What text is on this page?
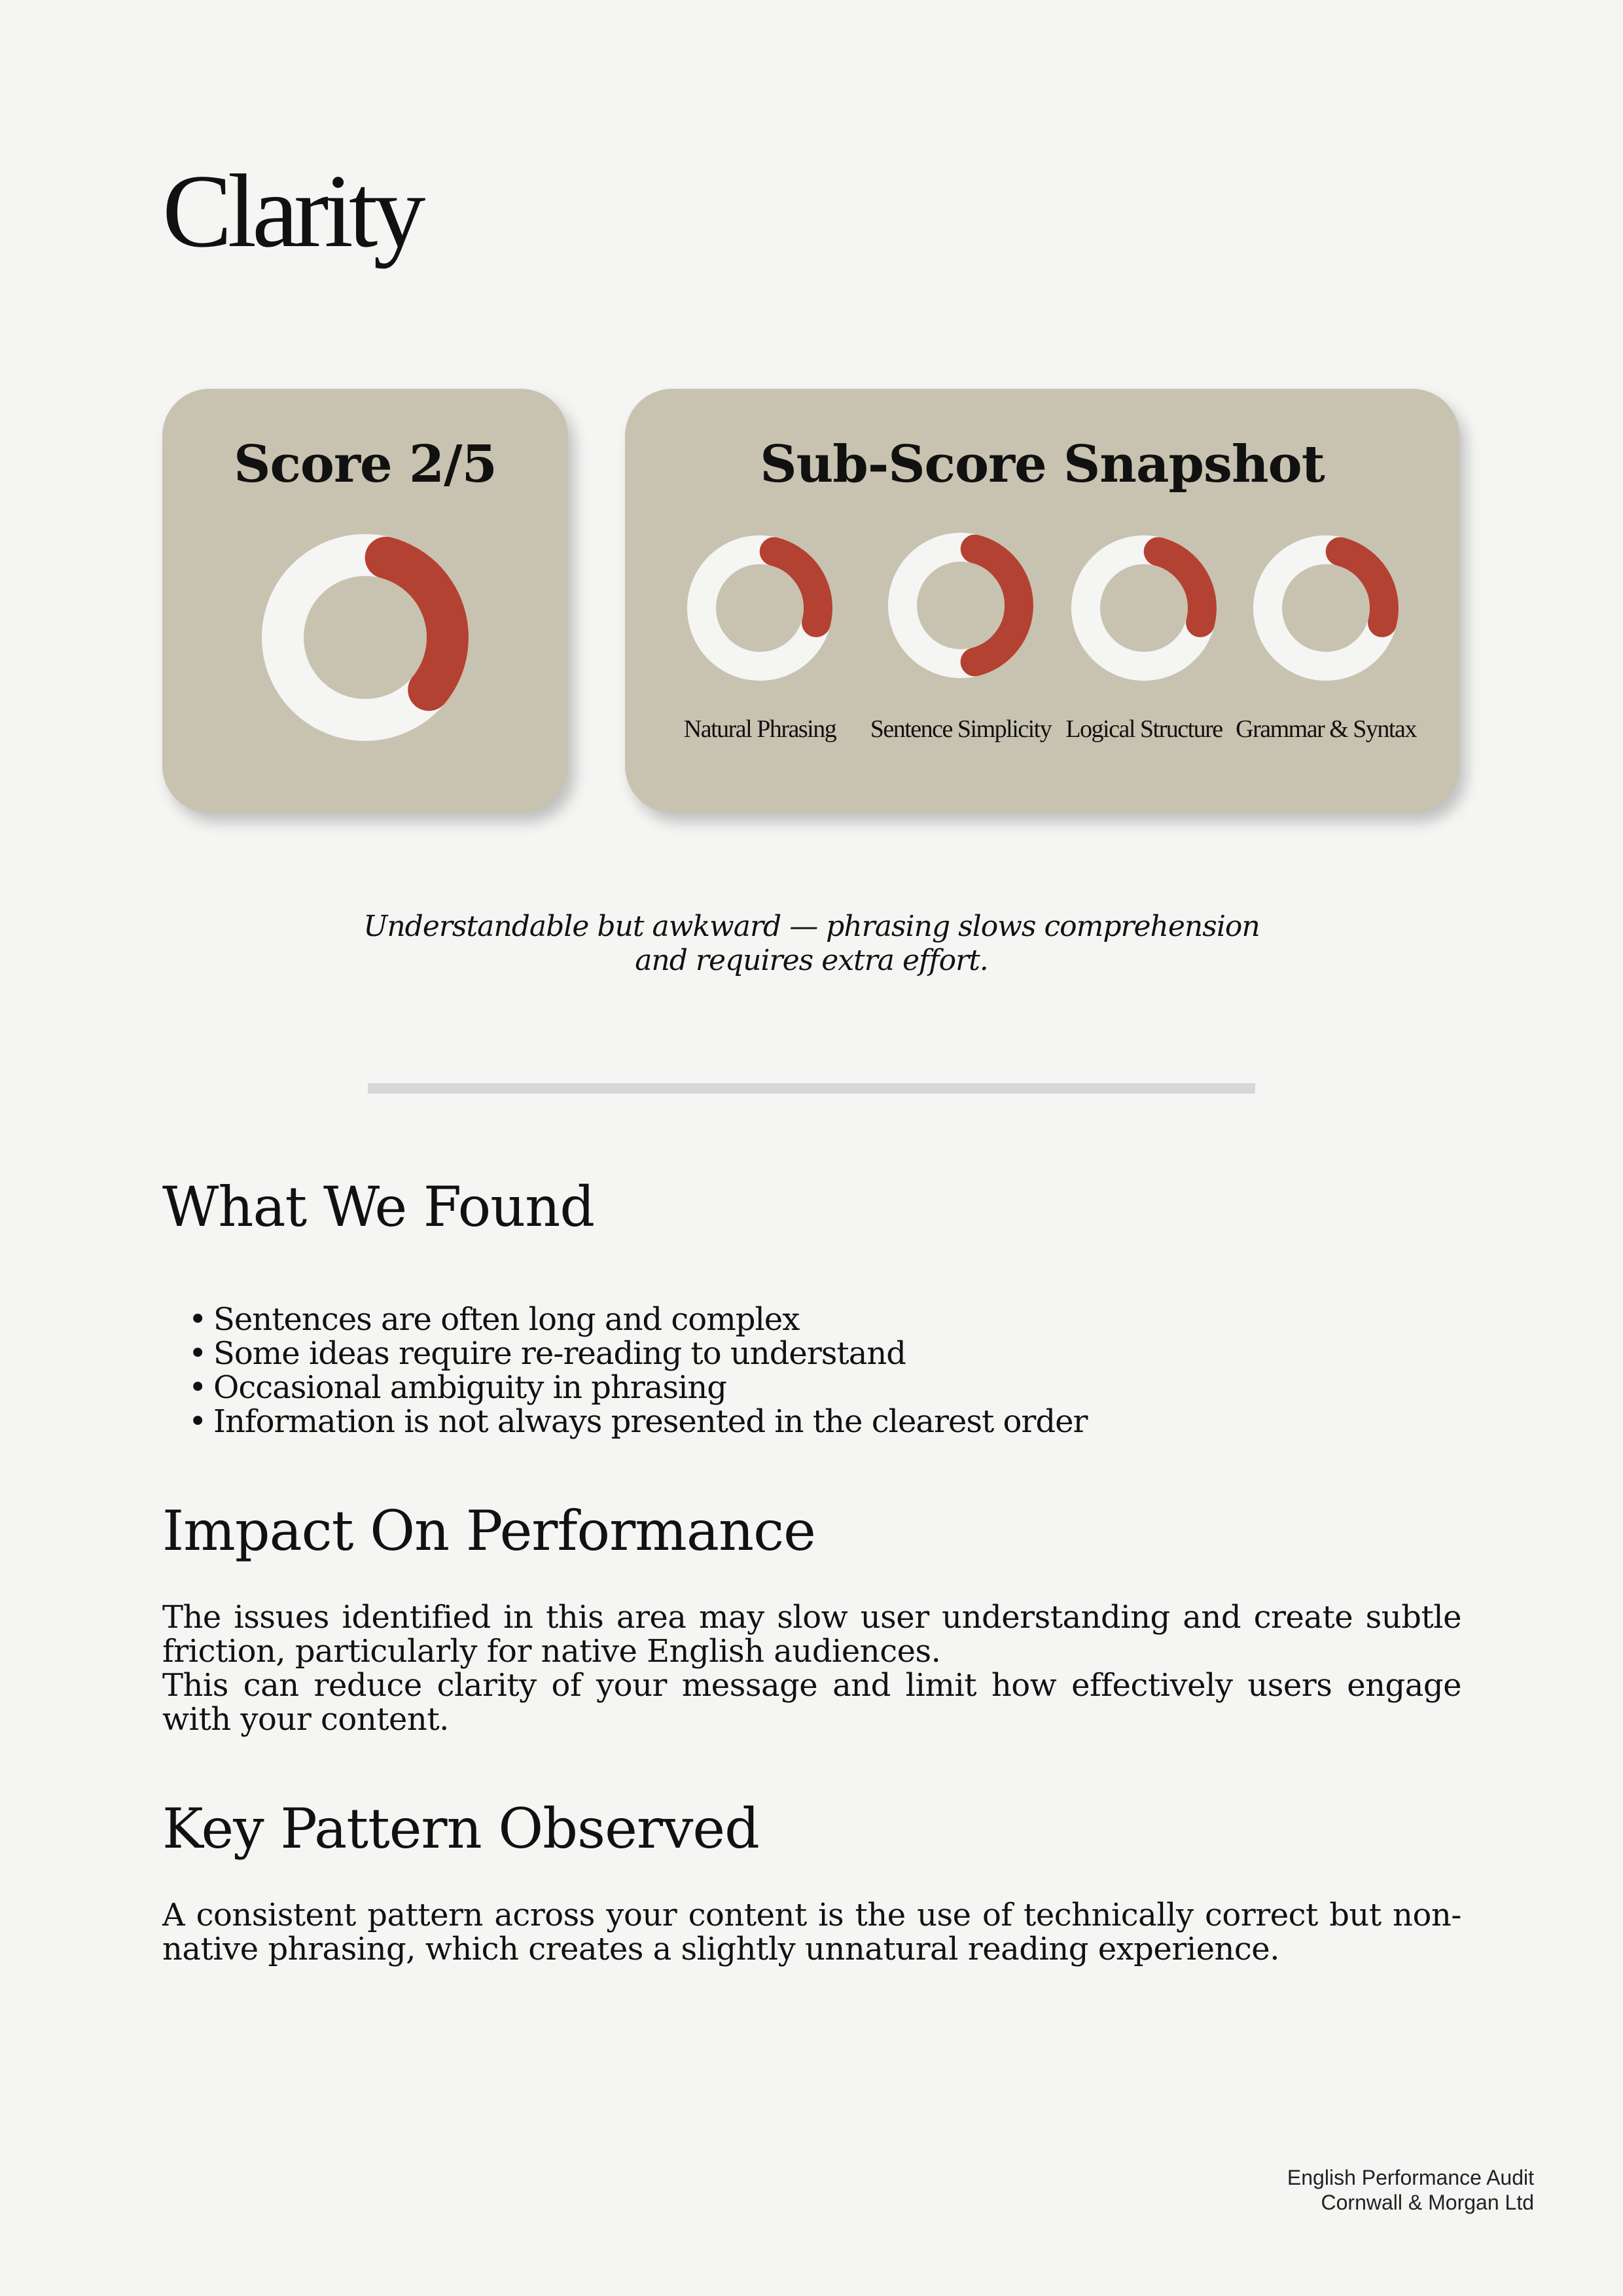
Clarity
Score 2/5	Sub-Score Snapshot
Natural Phrasing	Sentence Simplicity Logical Structure Grammar & Syntax
Understandable but awkward — phrasing slows comprehension
and requires extra effort.
What We Found
• Sentences are often long and complex
• Some ideas require re-reading to understand
• Occasional ambiguity in phrasing
• Information is not always presented in the clearest order
Impact On Performance

The issues identified in this area may slow user understanding and create subtle friction, particularly for native English audiences.

This can reduce clarity of your message and limit how effectively users engage with your content.

Key Pattern Observed

A consistent pattern across your content is the use of technically correct but non-native phrasing, which creates a slightly unnatural reading experience.

English Performance Audit
Cornwall & Morgan Ltd
